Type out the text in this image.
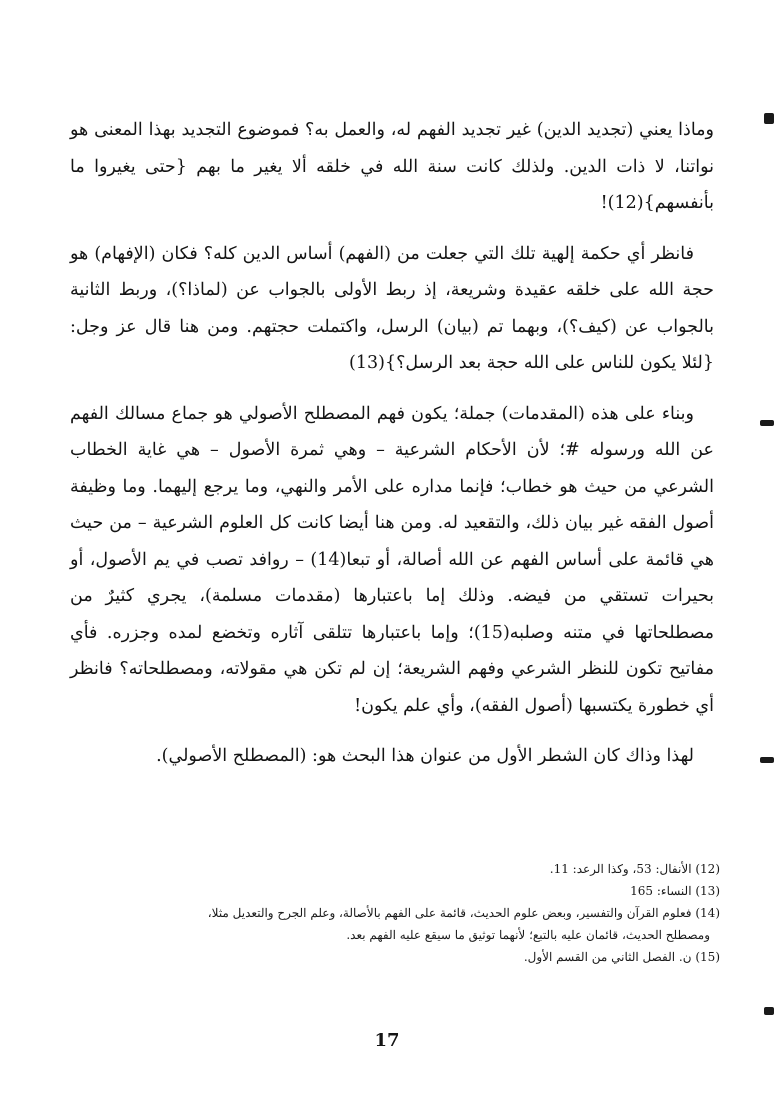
وماذا يعني (تجديد الدين) غير تجديد الفهم له، والعمل به؟ فموضوع التجديد بهذا المعنى هو نواتنا، لا ذات الدين. ولذلك كانت سنة الله في خلقه ألا يغير ما بهم {حتى يغيروا ما بأنفسهم}(12)!

فانظر أي حكمة إلهية تلك التي جعلت من (الفهم) أساس الدين كله؟ فكان (الإفهام) هو حجة الله على خلقه عقيدة وشريعة، إذ ربط الأولى بالجواب عن (لماذا؟)، وربط الثانية بالجواب عن (كيف؟)، وبهما تم (بيان) الرسل، واكتملت حجتهم. ومن هنا قال عز وجل: {لئلا يكون للناس على الله حجة بعد الرسل؟}(13)

وبناء على هذه (المقدمات) جملة؛ يكون فهم المصطلح الأصولي هو جماع مسالك الفهم عن الله ورسوله #؛ لأن الأحكام الشرعية – وهي ثمرة الأصول – هي غاية الخطاب الشرعي من حيث هو خطاب؛ فإنما مداره على الأمر والنهي، وما يرجع إليهما. وما وظيفة أصول الفقه غير بيان ذلك، والتقعيد له. ومن هنا أيضا كانت كل العلوم الشرعية – من حيث هي قائمة على أساس الفهم عن الله أصالة، أو تبعا(14) – روافد تصب في يم الأصول، أو بحيرات تستقي من فيضه. وذلك إما باعتبارها (مقدمات مسلمة)، يجري كثيرٌ من مصطلحاتها في متنه وصلبه(15)؛ وإما باعتبارها تتلقى آثاره وتخضع لمده وجزره. فأي مفاتيح تكون للنظر الشرعي وفهم الشريعة؛ إن لم تكن هي مقولاته، ومصطلحاته؟ فانظر أي خطورة يكتسبها (أصول الفقه)، وأي علم يكون!

لهذا وذاك كان الشطر الأول من عنوان هذا البحث هو: (المصطلح الأصولي).

(12) الأنفال: 53، وكذا الرعد: 11.

(13) النساء: 165

(14) فعلوم القرآن والتفسير، وبعض علوم الحديث، قائمة على الفهم بالأصالة، وعلم الجرح والتعديل مثلا،

ومصطلح الحديث، قائمان عليه بالتبع؛ لأنهما توثيق ما سيقع عليه الفهم بعد.

(15) ن. الفصل الثاني من القسم الأول.

17
